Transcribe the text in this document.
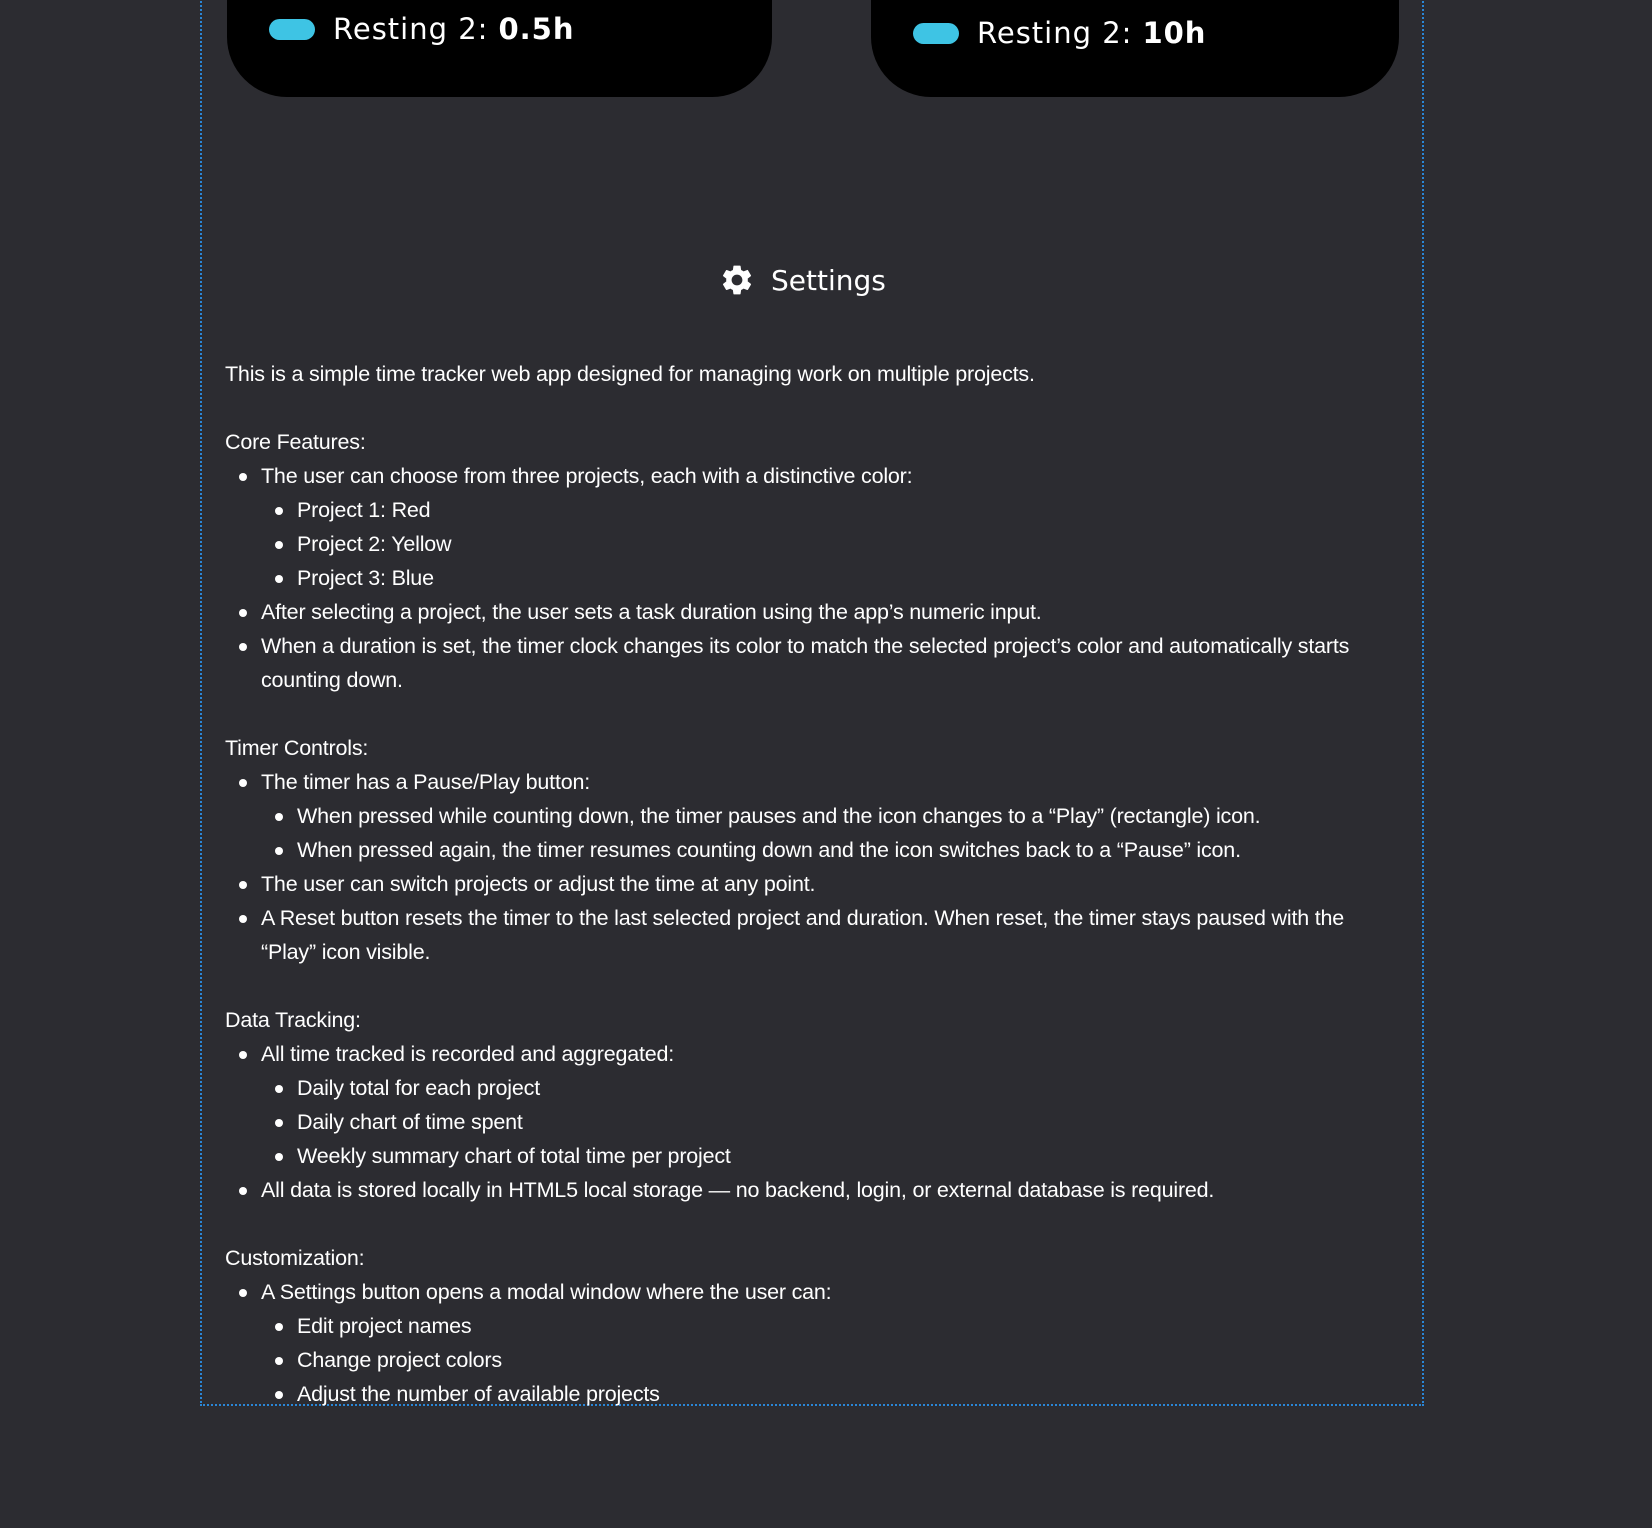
Resting 2: 0.5h	Resting 2: 10h
Settings

This is a simple time tracker web app designed for managing work on multiple projects.

Core Features:

The user can choose from three projects, each with a distinctive color:
Project 1: Red
Project 2: Yellow
Project 3: Blue
After selecting a project, the user sets a task duration using the app’s numeric input.
When a duration is set, the timer clock changes its color to match the selected project’s color and automatically starts counting down.

Timer Controls:

The timer has a Pause/Play button:
When pressed while counting down, the timer pauses and the icon changes to a “Play” (rectangle) icon.
When pressed again, the timer resumes counting down and the icon switches back to a “Pause” icon.
The user can switch projects or adjust the time at any point.
A Reset button resets the timer to the last selected project and duration. When reset, the timer stays paused with the “Play” icon visible.

Data Tracking:

All time tracked is recorded and aggregated:
Daily total for each project
Daily chart of time spent
Weekly summary chart of total time per project
All data is stored locally in HTML5 local storage — no backend, login, or external database is required.

Customization:

A Settings button opens a modal window where the user can:
Edit project names
Change project colors
Adjust the number of available projects
